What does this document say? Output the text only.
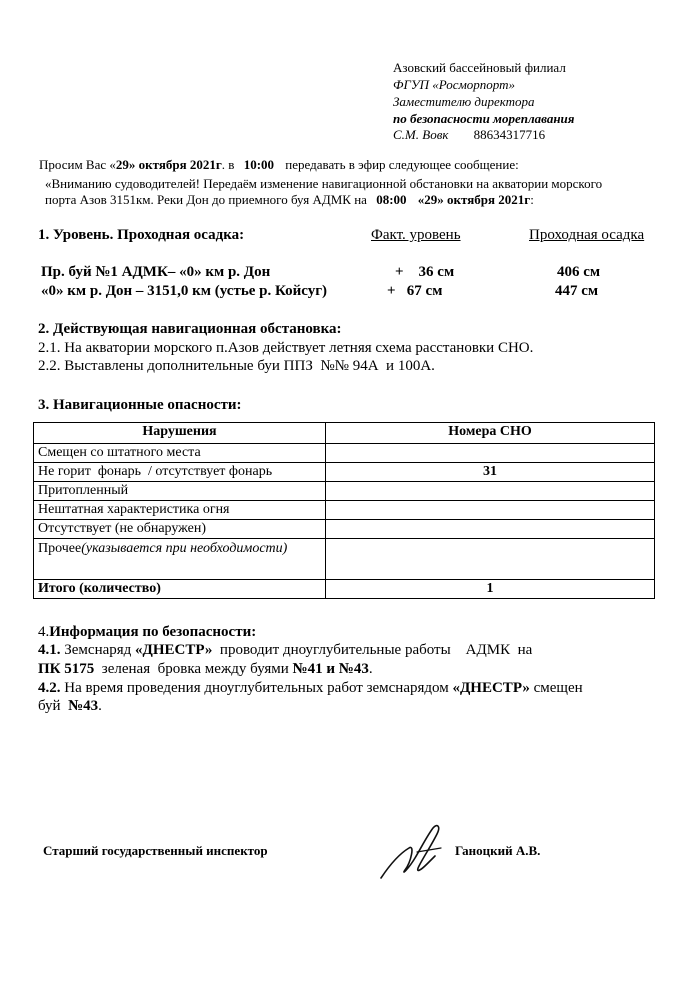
Азовский бассейновый филиал
ФГУП «Росморпорт»
Заместителю директора
по безопасности мореплавания
С.М. Вовк 88634317716
Просим Вас «29» октября 2021г. в 10:00 передавать в эфир следующее сообщение:
«Вниманию судоводителей! Передаём изменение навигационной обстановки на акватории морского
порта Азов 3151км. Реки Дон до приемного буя АДМК на 08:00 «29» октября 2021г:
1. Уровень. Проходная осадка:	Факт. уровень	Проходная осадка
Пр. буй №1 АДМК– «0» км р. Дон	+    36 см	406 см
«0» км р. Дон – 3151,0 км (устье р. Койсуг)	+   67 см	447 см
2. Действующая навигационная обстановка:
2.1. На акватории морского п.Азов действует летняя схема расстановки СНО.
2.2. Выставлены дополнительные буи ППЗ  №№ 94А  и 100А.
3. Навигационные опасности:
Нарушения	Номера СНО
Смещен со штатного места	
Не горит  фонарь  / отсутствует фонарь	31
Притопленный	
Нештатная характеристика огня	
Отсутствует (не обнаружен)	
Прочее(указывается при необходимости)	
Итого (количество)	1
4.Информация по безопасности:
4.1. Земснаряд «ДНЕСТР»  проводит дноуглубительные работы    АДМК  на
ПК 5175  зеленая  бровка между буями №41 и №43.
4.2. На время проведения дноуглубительных работ земснарядом «ДНЕСТР» смещен
буй  №43.
Старший государственный инспектор	Ганоцкий А.В.
